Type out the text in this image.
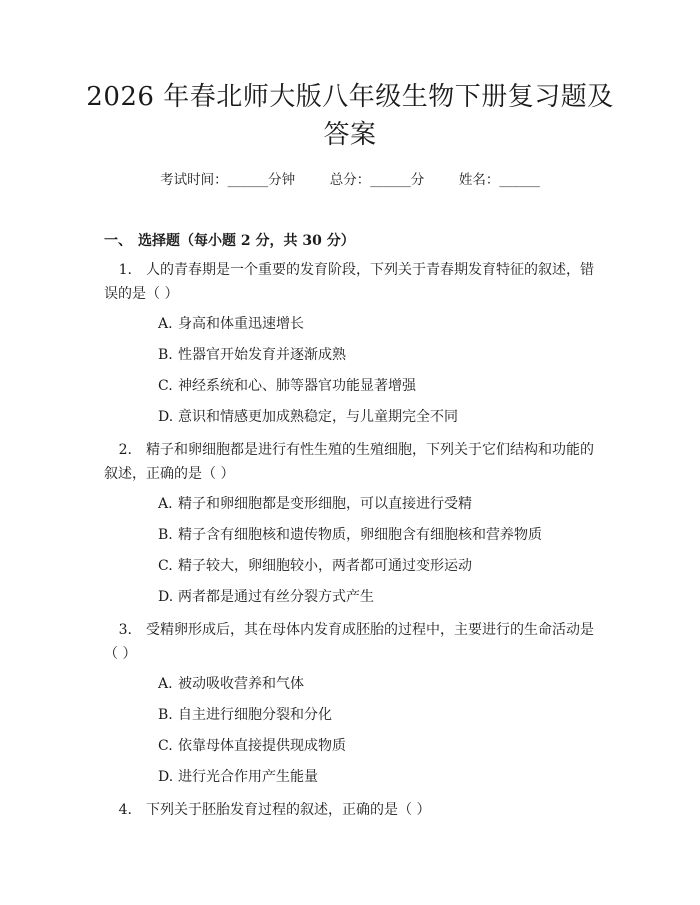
2026 年春北师大版八年级生物下册复习题及
答案
考试时间：______分钟	总分：______分	姓名：______
一、 选择题（每小题 2 分，共 30 分）
1. 人的青春期是一个重要的发育阶段，下列关于青春期发育特征的叙述，错
误的是（ ）
A. 身高和体重迅速增长
B. 性器官开始发育并逐渐成熟
C. 神经系统和心、肺等器官功能显著增强
D. 意识和情感更加成熟稳定，与儿童期完全不同
2. 精子和卵细胞都是进行有性生殖的生殖细胞，下列关于它们结构和功能的
叙述，正确的是（ ）
A. 精子和卵细胞都是变形细胞，可以直接进行受精
B. 精子含有细胞核和遗传物质，卵细胞含有细胞核和营养物质
C. 精子较大，卵细胞较小，两者都可通过变形运动
D. 两者都是通过有丝分裂方式产生
3. 受精卵形成后，其在母体内发育成胚胎的过程中，主要进行的生命活动是
（ ）
A. 被动吸收营养和气体
B. 自主进行细胞分裂和分化
C. 依靠母体直接提供现成物质
D. 进行光合作用产生能量
4. 下列关于胚胎发育过程的叙述，正确的是（ ）
